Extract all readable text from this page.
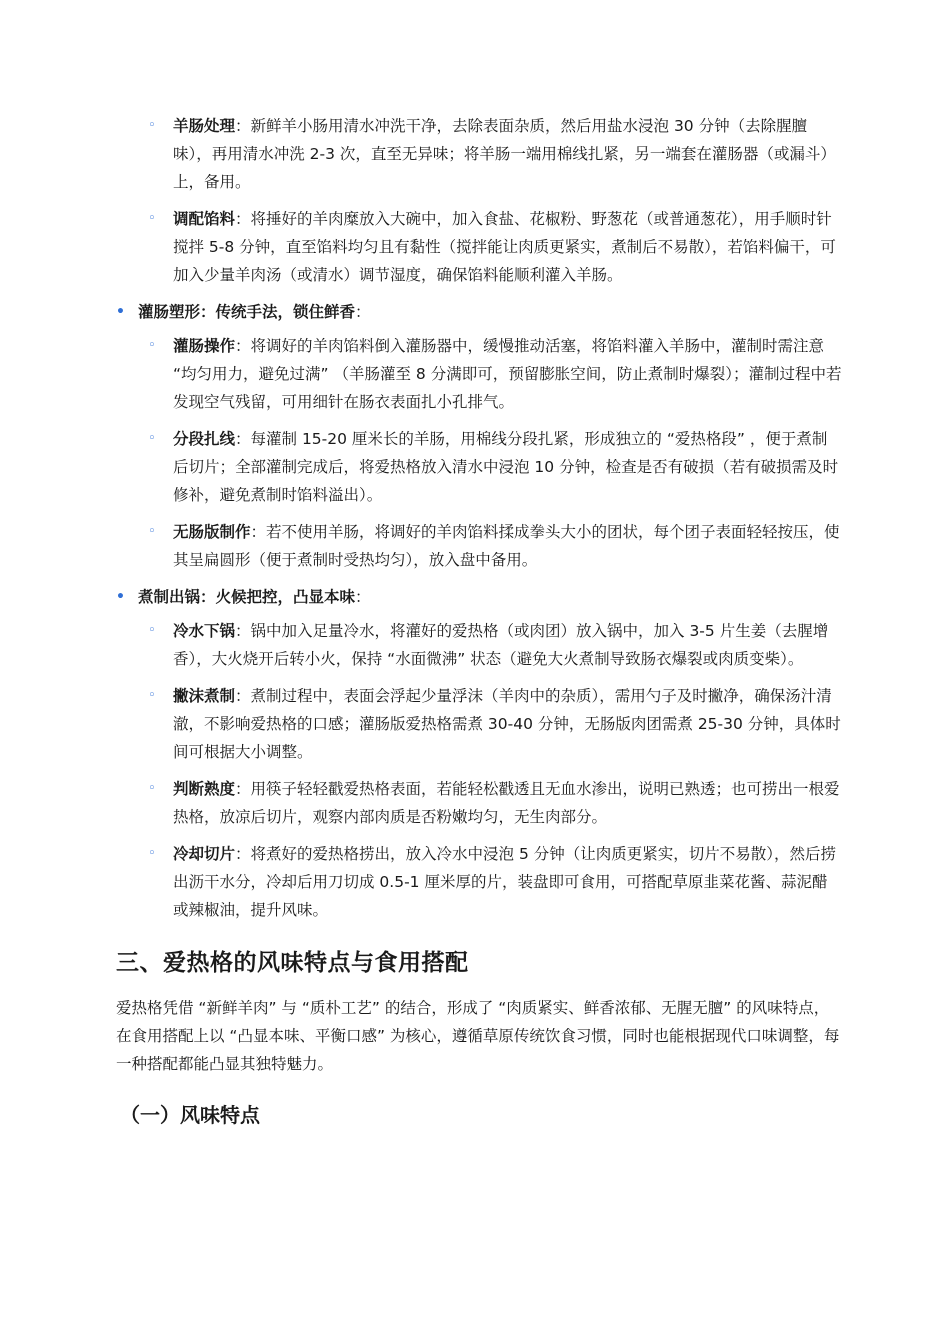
◦ 羊肠处理：新鲜羊小肠用清水冲洗干净，去除表面杂质，然后用盐水浸泡 30 分钟（去除腥膻味），再用清水冲洗 2-3 次，直至无异味；将羊肠一端用棉线扎紧，另一端套在灌肠器（或漏斗）上，备用。
◦ 调配馅料：将捶好的羊肉糜放入大碗中，加入食盐、花椒粉、野葱花（或普通葱花），用手顺时针搅拌 5-8 分钟，直至馅料均匀且有黏性（搅拌能让肉质更紧实，煮制后不易散），若馅料偏干，可加入少量羊肉汤（或清水）调节湿度，确保馅料能顺利灌入羊肠。
• 灌肠塑形：传统手法，锁住鲜香：
◦ 灌肠操作：将调好的羊肉馅料倒入灌肠器中，缓慢推动活塞，将馅料灌入羊肠中，灌制时需注意 “均匀用力，避免过满” （羊肠灌至 8 分满即可，预留膨胀空间，防止煮制时爆裂）；灌制过程中若发现空气残留，可用细针在肠衣表面扎小孔排气。
◦ 分段扎线：每灌制 15-20 厘米长的羊肠，用棉线分段扎紧，形成独立的 “爱热格段” ，便于煮制后切片；全部灌制完成后，将爱热格放入清水中浸泡 10 分钟，检查是否有破损（若有破损需及时修补，避免煮制时馅料溢出）。
◦ 无肠版制作：若不使用羊肠，将调好的羊肉馅料揉成拳头大小的团状，每个团子表面轻轻按压，使其呈扁圆形（便于煮制时受热均匀），放入盘中备用。
• 煮制出锅：火候把控，凸显本味：
◦ 冷水下锅：锅中加入足量冷水，将灌好的爱热格（或肉团）放入锅中，加入 3-5 片生姜（去腥增香），大火烧开后转小火，保持 “水面微沸” 状态（避免大火煮制导致肠衣爆裂或肉质变柴）。
◦ 撇沫煮制：煮制过程中，表面会浮起少量浮沫（羊肉中的杂质），需用勺子及时撇净，确保汤汁清澈，不影响爱热格的口感；灌肠版爱热格需煮 30-40 分钟，无肠版肉团需煮 25-30 分钟，具体时间可根据大小调整。
◦ 判断熟度：用筷子轻轻戳爱热格表面，若能轻松戳透且无血水渗出，说明已熟透；也可捞出一根爱热格，放凉后切片，观察内部肉质是否粉嫩均匀，无生肉部分。
◦ 冷却切片：将煮好的爱热格捞出，放入冷水中浸泡 5 分钟（让肉质更紧实，切片不易散），然后捞出沥干水分，冷却后用刀切成 0.5-1 厘米厚的片，装盘即可食用，可搭配草原韭菜花酱、蒜泥醋或辣椒油，提升风味。
三、爱热格的风味特点与食用搭配

爱热格凭借 “新鲜羊肉” 与 “质朴工艺” 的结合，形成了 “肉质紧实、鲜香浓郁、无腥无膻” 的风味特点，在食用搭配上以 “凸显本味、平衡口感” 为核心，遵循草原传统饮食习惯，同时也能根据现代口味调整，每一种搭配都能凸显其独特魅力。

（一）风味特点
